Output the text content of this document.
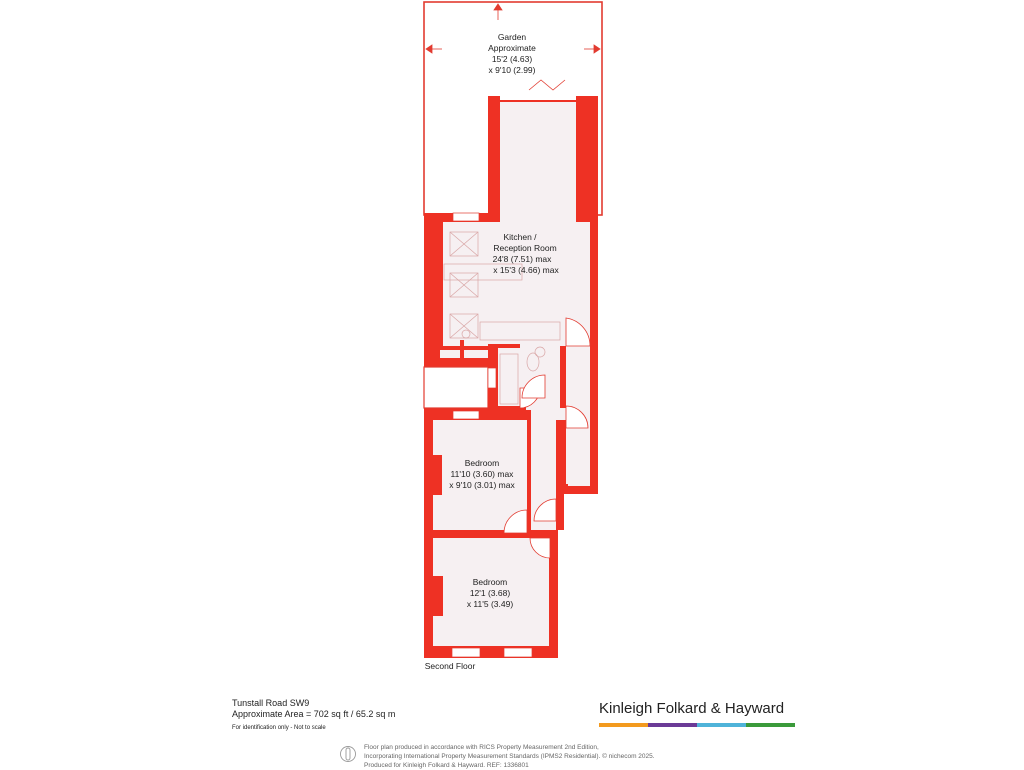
Garden
Approximate
15'2 (4.63)
x 9'10 (2.99)
Kitchen /
Reception Room
24'8 (7.51) max
x 15'3 (4.66) max
Bedroom
11'10 (3.60) max
x 9'10 (3.01) max
Bedroom
12'1 (3.68)
x 11'5 (3.49)
Second Floor
Tunstall Road SW9
Approximate Area = 702 sq ft / 65.2 sq m
For identification only - Not to scale
Kinleigh Folkard & Hayward
Floor plan produced in accordance with RICS Property Measurement 2nd Edition,
Incorporating International Property Measurement Standards (IPMS2 Residential). © nichecom 2025.
Produced for Kinleigh Folkard & Hayward. REF: 1336801
